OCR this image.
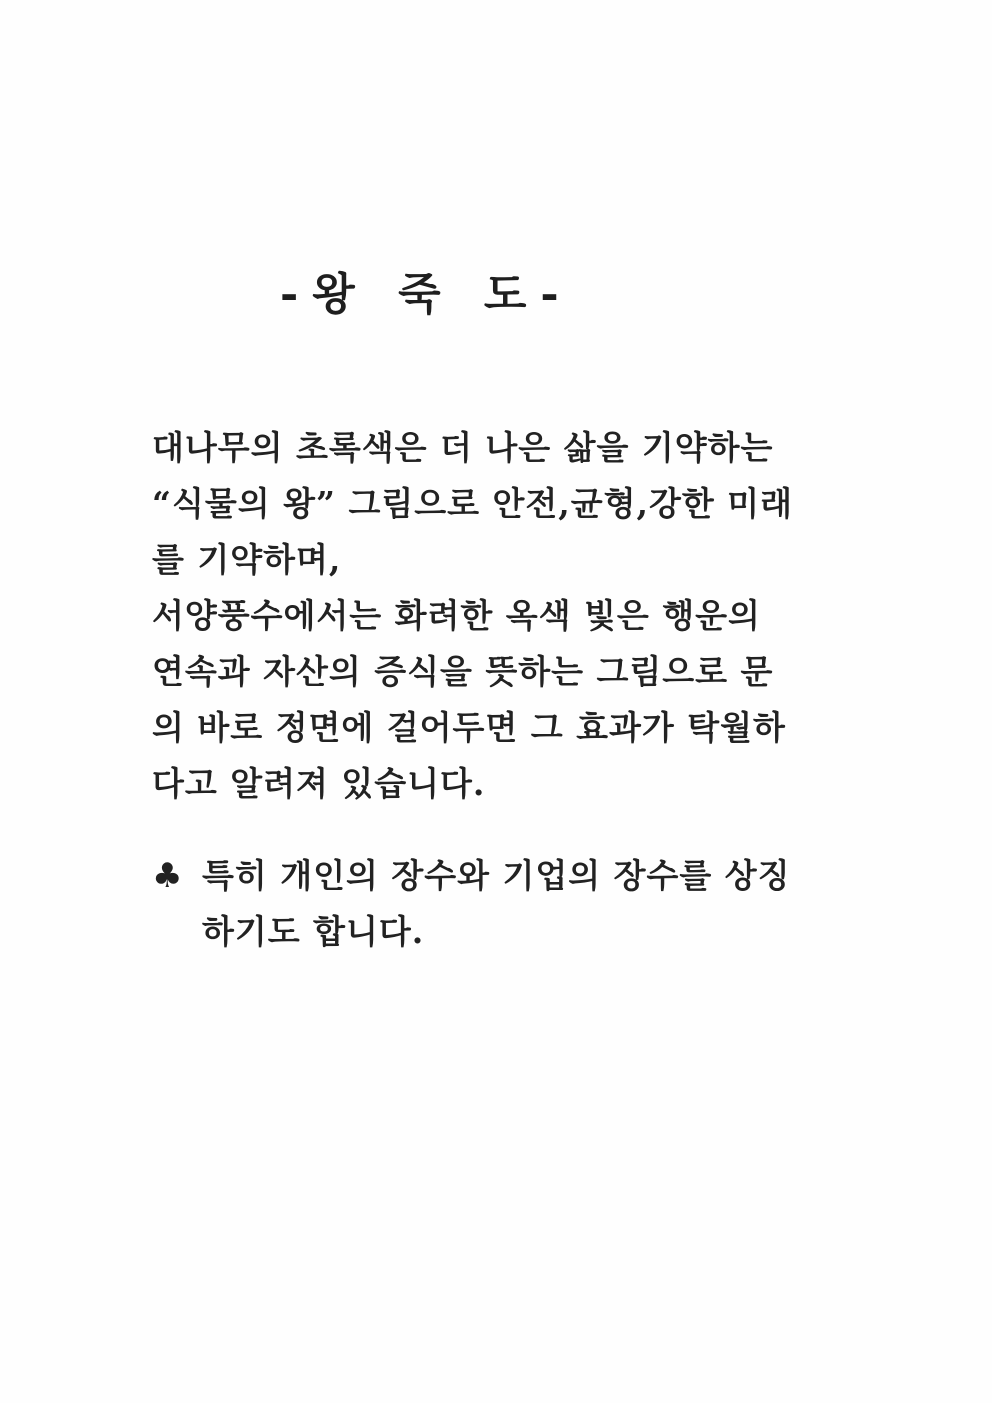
-왕 죽 도-
대나무의 초록색은 더 나은 삶을 기약하는
“식물의 왕” 그림으로 안전,균형,강한 미래
를 기약하며,
서양풍수에서는 화려한 옥색 빛은 행운의
연속과 자산의 증식을 뜻하는 그림으로 문
의 바로 정면에 걸어두면 그 효과가 탁월하
다고 알려져 있습니다.
♣ 특히 개인의 장수와 기업의 장수를 상징
하기도 합니다.
